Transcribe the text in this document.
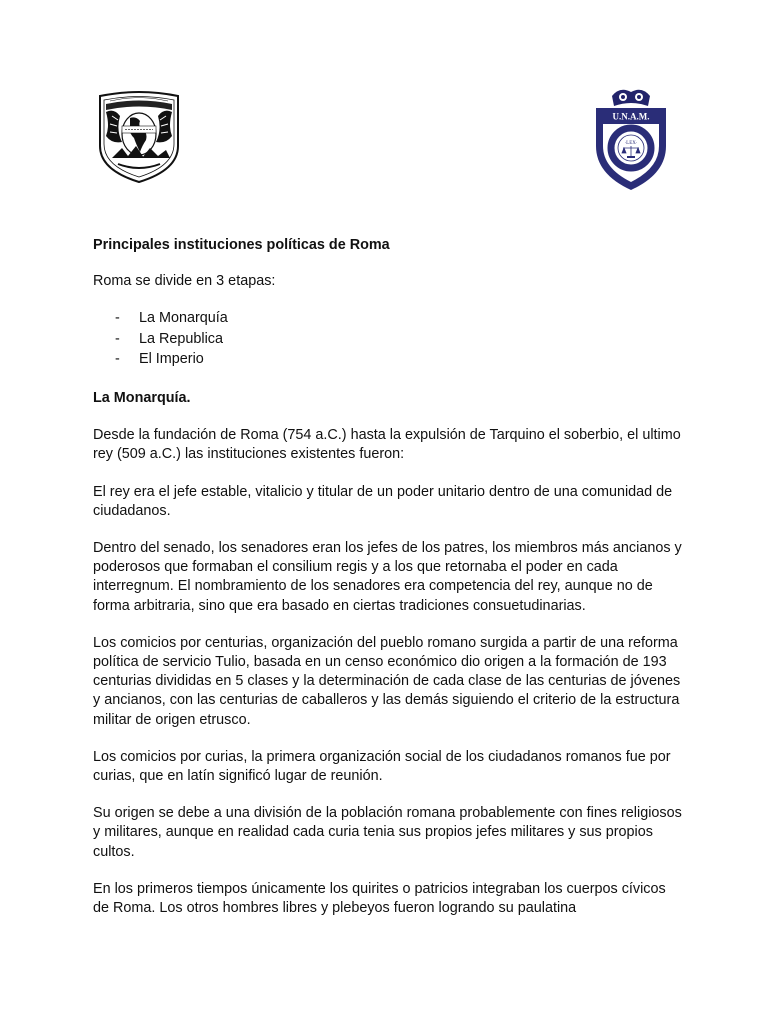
U.N.A.M.
·LEX·

Principales instituciones políticas de Roma

Roma se divide en 3 etapas:

- La Monarquía
- La Republica
- El Imperio

La Monarquía.

Desde la fundación de Roma (754 a.C.) hasta la expulsión de Tarquino el soberbio, el ultimo rey (509 a.C.) las instituciones existentes fueron:

El rey era el jefe estable, vitalicio y titular de un poder unitario dentro de una comunidad de ciudadanos.

Dentro del senado, los senadores eran los jefes de los patres, los miembros más ancianos y poderosos que formaban el consilium regis y a los que retornaba el poder en cada interregnum. El nombramiento de los senadores era competencia del rey, aunque no de forma arbitraria, sino que era basado en ciertas tradiciones consuetudinarias.

Los comicios por centurias, organización del pueblo romano surgida a partir de una reforma política de servicio Tulio, basada en un censo económico dio origen a la formación de 193 centurias divididas en 5 clases y la determinación de cada clase de las centurias de jóvenes y ancianos, con las centurias de caballeros y las demás siguiendo el criterio de la estructura militar de origen etrusco.

Los comicios por curias, la primera organización social de los ciudadanos romanos fue por curias, que en latín significó lugar de reunión.

Su origen se debe a una división de la población romana probablemente con fines religiosos y militares, aunque en realidad cada curia tenia sus propios jefes militares y sus propios cultos.

En los primeros tiempos únicamente los quirites o patricios integraban los cuerpos cívicos de Roma. Los otros hombres libres y plebeyos fueron logrando su paulatina
